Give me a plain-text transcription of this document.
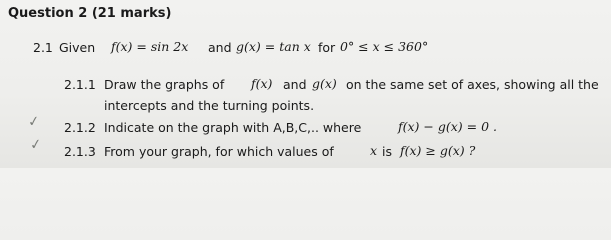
Question 2 (21 marks)
2.1 Given f(x) = sin 2x and g(x) = tan x for 0° ≤ x ≤ 360°
2.1.1 Draw the graphs of f(x) and g(x) on the same set of axes, showing all the
intercepts and the turning points.
✓ 2.1.2 Indicate on the graph with A,B,C,.. where	f(x) − g(x) = 0 .
✓ 2.1.3 From your graph, for which values of	x is f(x) ≥ g(x) ?
